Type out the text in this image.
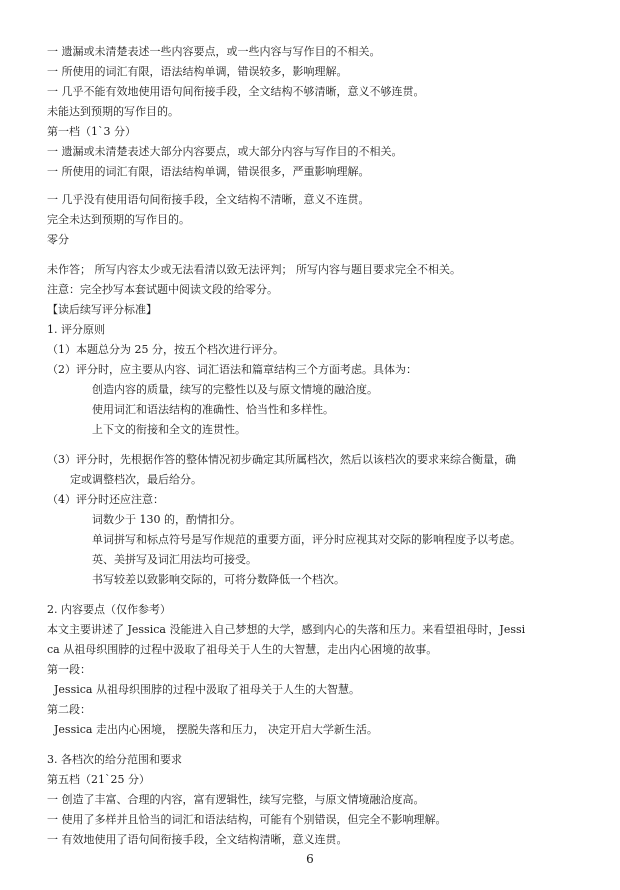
一 遗漏或未清楚表述一些内容要点，或一些内容与写作目的不相关。
一 所使用的词汇有限，语法结构单调，错误较多，影响理解。
一 几乎不能有效地使用语句间衔接手段，全文结构不够清晰，意义不够连贯。
未能达到预期的写作目的。
第一档（1`3 分）
一 遗漏或未清楚表述大部分内容要点，或大部分内容与写作目的不相关。
一 所使用的词汇有限，语法结构单调，错误很多，严重影响理解。
一 几乎没有使用语句间衔接手段，全文结构不清晰，意义不连贯。
完全未达到预期的写作目的。
零分
未作答； 所写内容太少或无法看清以致无法评判； 所写内容与题目要求完全不相关。
注意：完全抄写本套试题中阅读文段的给零分。
【读后续写评分标准】
1. 评分原则
（1）本题总分为 25 分，按五个档次进行评分。
（2）评分时，应主要从内容、词汇语法和篇章结构三个方面考虑。具体为：
创造内容的质量，续写的完整性以及与原文情境的融洽度。
使用词汇和语法结构的准确性、恰当性和多样性。
上下文的衔接和全文的连贯性。
（3）评分时，先根据作答的整体情况初步确定其所属档次，然后以该档次的要求来综合衡量，确
定或调整档次，最后给分。
（4）评分时还应注意：
词数少于 130 的，酌情扣分。
单词拼写和标点符号是写作规范的重要方面，评分时应视其对交际的影响程度予以考虑。
英、美拼写及词汇用法均可接受。
书写较差以致影响交际的，可将分数降低一个档次。
2. 内容要点（仅作参考）
本文主要讲述了 Jessica 没能进入自己梦想的大学，感到内心的失落和压力。来看望祖母时，Jessi
ca 从祖母织围脖的过程中汲取了祖母关于人生的大智慧，走出内心困境的故事。
第一段：
Jessica 从祖母织围脖的过程中汲取了祖母关于人生的大智慧。
第二段：
Jessica 走出内心困境， 摆脱失落和压力， 决定开启大学新生活。
3. 各档次的给分范围和要求
第五档（21`25 分）
一 创造了丰富、合理的内容，富有逻辑性，续写完整，与原文情境融洽度高。
一 使用了多样并且恰当的词汇和语法结构，可能有个别错误，但完全不影响理解。
一 有效地使用了语句间衔接手段，全文结构清晰，意义连贯。
6
